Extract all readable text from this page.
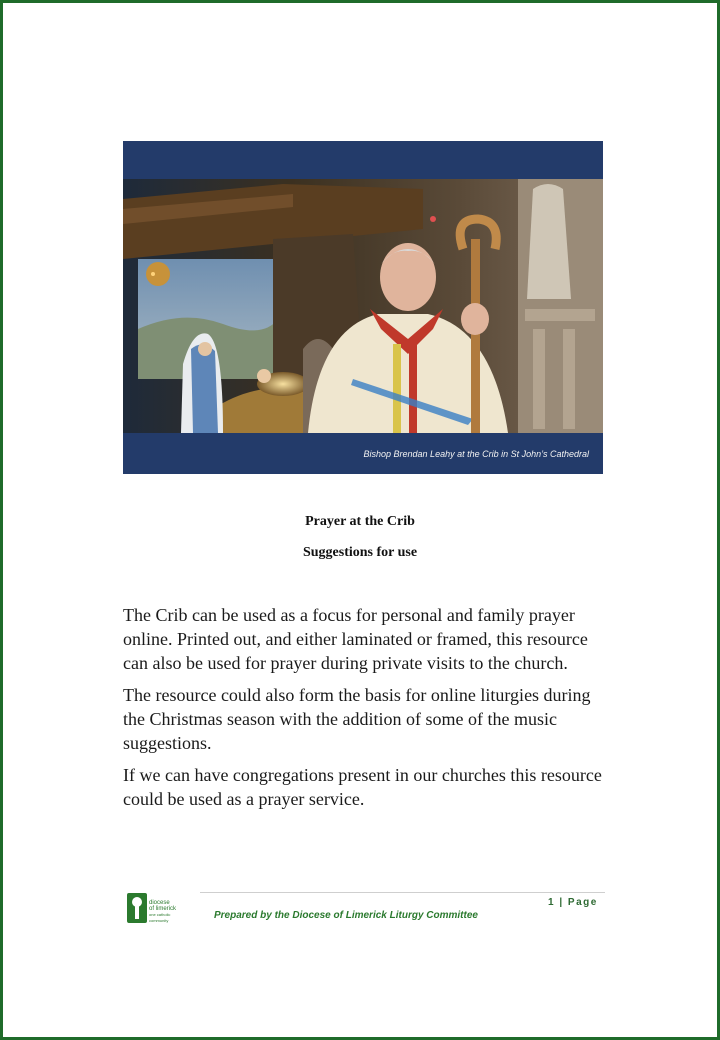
Bishop Brendan Leahy at the Crib in St John’s Cathedral
Prayer at the Crib
Suggestions for use

The Crib can be used as a focus for personal and family prayer online. Printed out, and either laminated or framed, this resource can also be used for prayer during private visits to the church.

The resource could also form the basis for online liturgies during the Christmas season with the addition of some of the music suggestions.

If we can have congregations present in our churches this resource could be used as a prayer service.

diocese
of limerick
one catholic community
1 | Page
Prepared by the Diocese of Limerick Liturgy Committee
